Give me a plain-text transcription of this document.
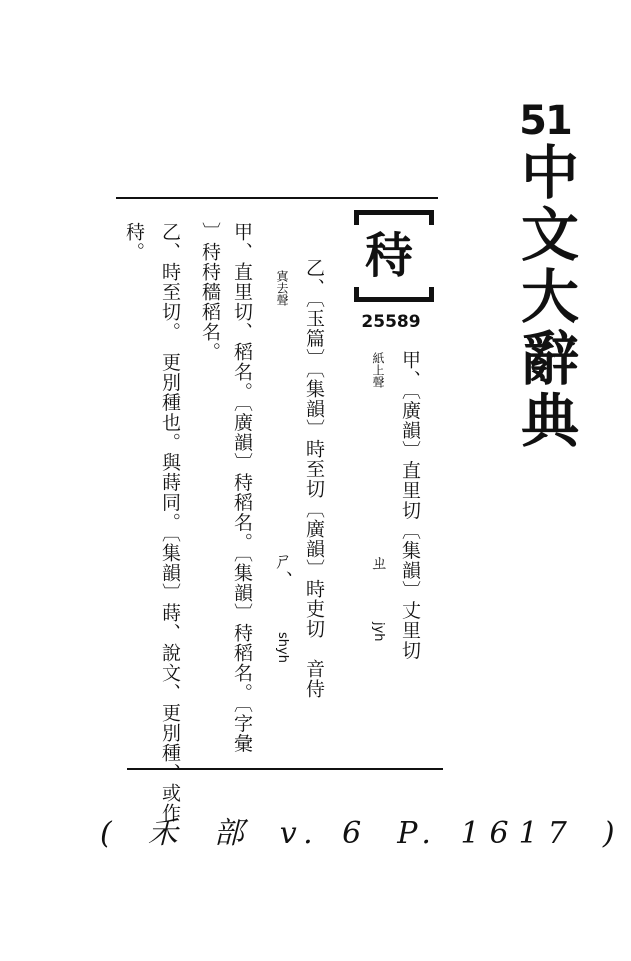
51
中文大辭典
秲
25589
甲、〔廣韻〕直里切〔集韻〕丈里切
紙上聲  ㄓ  jyh
乙、〔玉篇〕〔集韻〕時至切〔廣韻〕時吏切　音侍
寘去聲  ㄕ、  shyh
甲、直里切、稻名。〔廣韻〕秲稻名。〔集韻〕秲稻名。〔字彙
〕秲秲穡稻名。
乙、時至切。　更別種也。與蒔同。〔集韻〕蒔、說文、更別種、或作
秲。
( 禾 部 v. 6 P. 1617 )
